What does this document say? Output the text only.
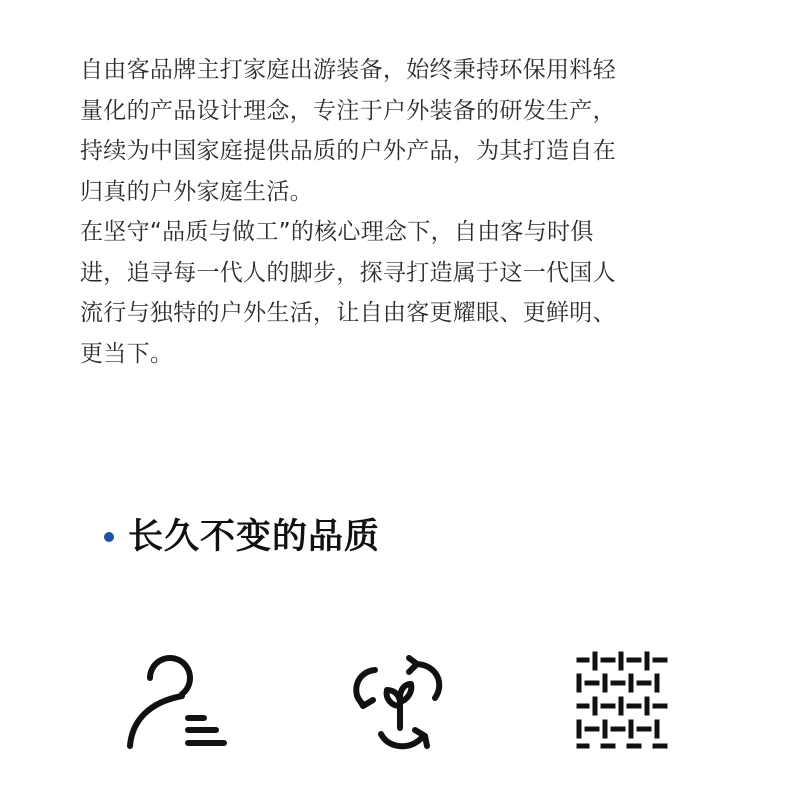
自由客品牌主打家庭出游装备，始终秉持环保用料轻

量化的产品设计理念，专注于户外装备的研发生产，

持续为中国家庭提供品质的户外产品，为其打造自在

归真的户外家庭生活。

在坚守“品质与做工”的核心理念下，自由客与时俱

进，追寻每一代人的脚步，探寻打造属于这一代国人

流行与独特的户外生活，让自由客更耀眼、更鲜明、

更当下。

长久不变的品质
